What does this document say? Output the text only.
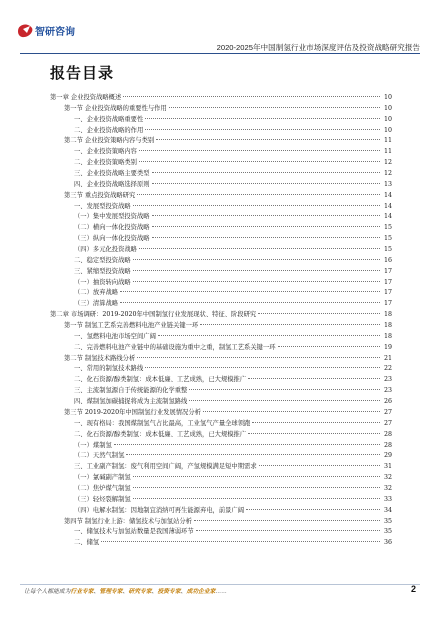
智研咨询
2020-2025年中国制氢行业市场深度评估及投资战略研究报告
报告目录
第一章 企业投资战略概述	10
第一节 企业投资战略的重要性与作用	10
一、企业投资战略重要性	10
二、企业投资战略的作用	10
第二节 企业投资策略内容与类别	11
一、企业投资策略内容	11
二、企业投资策略类别	12
三、企业投资战略主要类型	12
四、企业投资战略选择原则	13
第三节 重点投资战略研究	14
一、发展型投资战略	14
（一）集中发展型投资战略	14
（二）横向一体化投资战略	15
（三）纵向一体化投资战略	15
（四）多元化投资战略	15
二、稳定型投资战略	16
三、紧缩型投资战略	17
（一）抽资转向战略	17
（二）放弃战略	17
（三）清算战略	17
第二章 市场调研：2019-2020年中国制氢行业发展现状、特征、阶段研究	18
第一节 制氢工艺系完善燃料电池产业链关键一环	18
一、氢燃料电池市场空间广阔	18
二、完善燃料电池产业链中的基础设施为重中之重，制氢工艺系关键一环	19
第二节 制氢技术路线分析	21
一、常用的制氢技术路线	22
二、化石资源/醇类制氢：成本低廉、工艺成熟，已大规模推广	23
三、主流制氢源自于传统能源的化学重整	23
四、煤制氢加碳捕捉将成为主流制氢路线	26
第三节 2019-2020年中国制氢行业发展情况分析	27
一、现有格局：我国煤制氢气占比最高，工业氢气产量全球领跑	27
二、化石资源/醇类制氢：成本低廉、工艺成熟，已大规模推广	28
（一）煤制氢	28
（二）天然气制氢	29
三、工业副产制氢：废气利用空间广阔，产氢规模满足短中期需求	31
（一）氯碱副产制氢	32
（二）焦炉煤气制氢	32
（三）轻烃裂解制氢	33
（四）电解水制氢：因地制宜消纳可再生能源弃电，前景广阔	34
第四节 制氢行业上游：储氢技术与加氢站分析	35
一、储氢技术与加氢站数量是我国薄弱环节	35
二、储氢	36
让每个人都能成为行业专家、管理专家、研究专家、投资专家、成功企业家……	2
